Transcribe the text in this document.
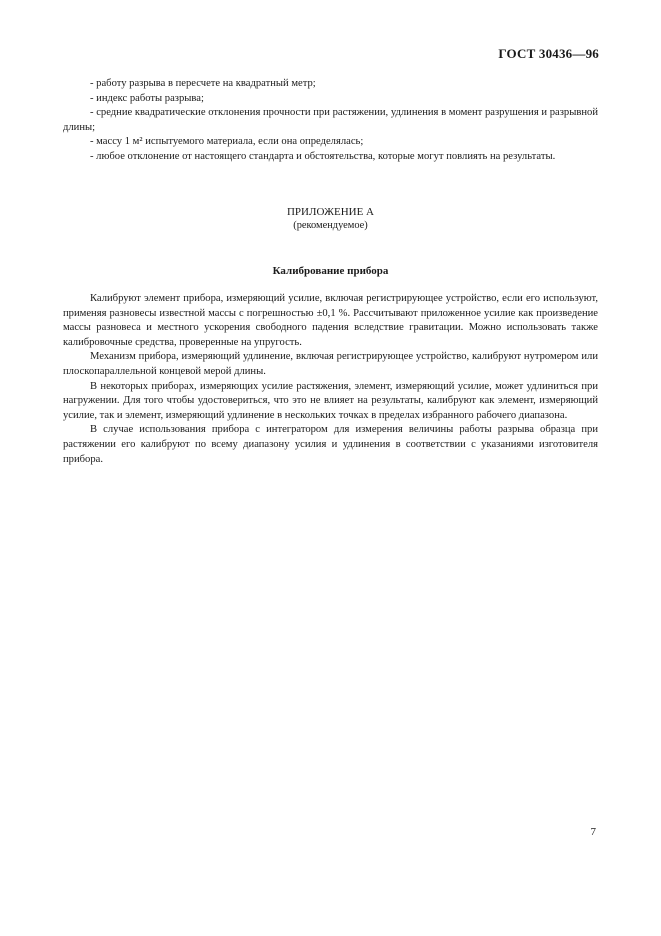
ГОСТ 30436—96

- работу разрыва в пересчете на квадратный метр;

- индекс работы разрыва;

- средние квадратические отклонения прочности при растяжении, удлинения в момент разрушения и разрывной длины;

- массу 1 м² испытуемого материала, если она определялась;

- любое отклонение от настоящего стандарта и обстоятельства, которые могут повлиять на результаты.

ПРИЛОЖЕНИЕ А
(рекомендуемое)
Калибрование прибора

Калибруют элемент прибора, измеряющий усилие, включая регистрирующее устройство, если его используют, применяя разновесы известной массы с погрешностью ±0,1 %. Рассчитывают приложенное усилие как произведение массы разновеса и местного ускорения свободного падения вследствие гравитации. Можно использовать также калибровочные средства, проверенные на упругость.

Механизм прибора, измеряющий удлинение, включая регистрирующее устройство, калибруют нутромером или плоскопараллельной концевой мерой длины.

В некоторых приборах, измеряющих усилие растяжения, элемент, измеряющий усилие, может удлиниться при нагружении. Для того чтобы удостовериться, что это не влияет на результаты, калибруют как элемент, измеряющий усилие, так и элемент, измеряющий удлинение в нескольких точках в пределах избранного рабочего диапазона.

В случае использования прибора с интегратором для измерения величины работы разрыва образца при растяжении его калибруют по всему диапазону усилия и удлинения в соответствии с указаниями изготовителя прибора.

7
